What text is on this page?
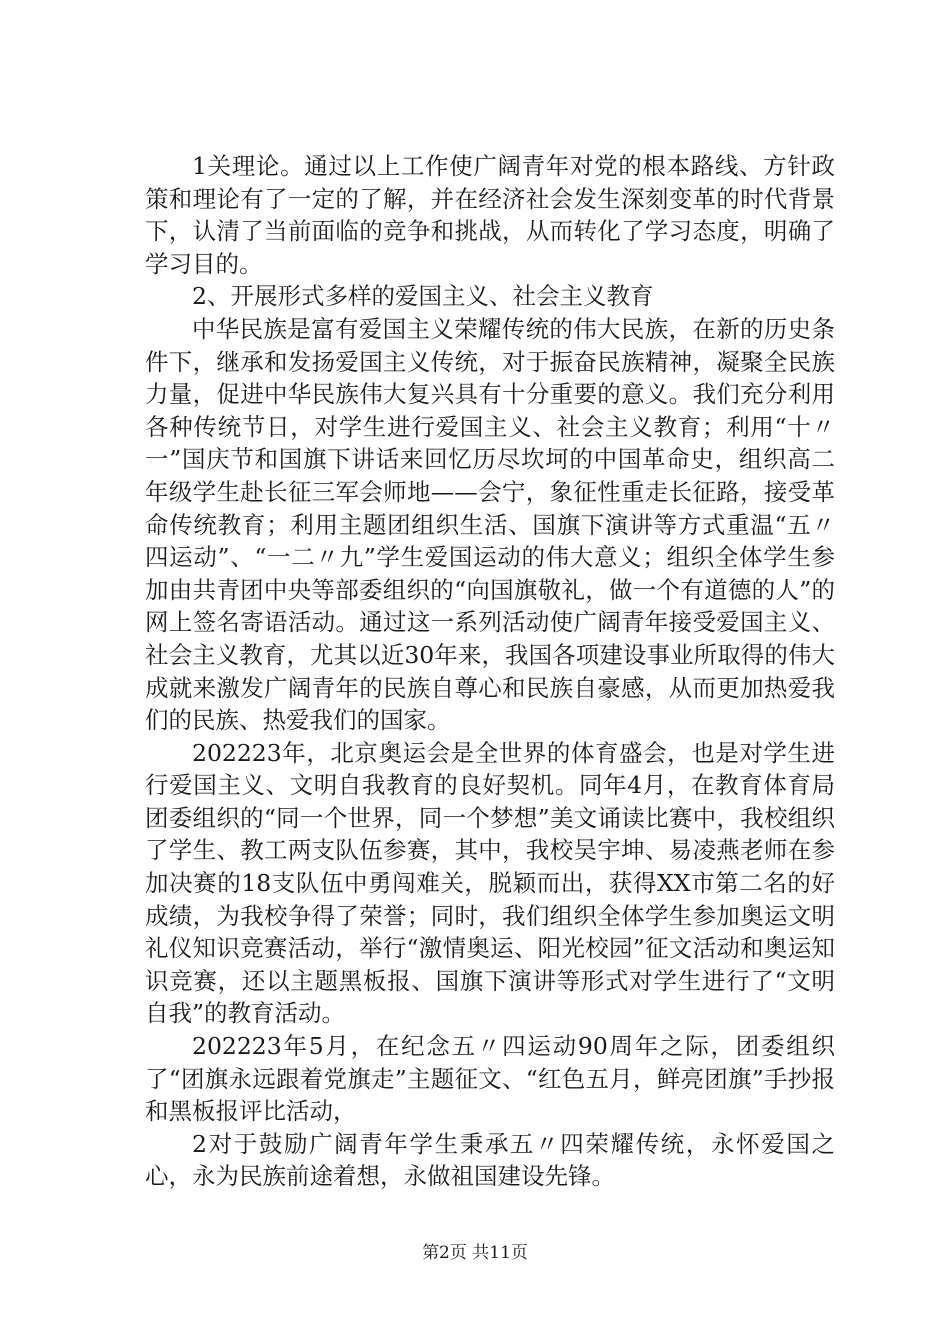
1关理论。通过以上工作使广阔青年对党的根本路线、方针政策和理论有了一定的了解，并在经济社会发生深刻变革的时代背景下，认清了当前面临的竞争和挑战，从而转化了学习态度，明确了学习目的。

2、开展形式多样的爱国主义、社会主义教育

中华民族是富有爱国主义荣耀传统的伟大民族，在新的历史条件下，继承和发扬爱国主义传统，对于振奋民族精神，凝聚全民族力量，促进中华民族伟大复兴具有十分重要的意义。我们充分利用各种传统节日，对学生进行爱国主义、社会主义教育；利用“十〃一”国庆节和国旗下讲话来回忆历尽坎坷的中国革命史，组织高二年级学生赴长征三军会师地——会宁，象征性重走长征路，接受革命传统教育；利用主题团组织生活、国旗下演讲等方式重温“五〃四运动”、“一二〃九”学生爱国运动的伟大意义；组织全体学生参加由共青团中央等部委组织的“向国旗敬礼，做一个有道德的人”的网上签名寄语活动。通过这一系列活动使广阔青年接受爱国主义、社会主义教育，尤其以近30年来，我国各项建设事业所取得的伟大成就来激发广阔青年的民族自尊心和民族自豪感，从而更加热爱我们的民族、热爱我们的国家。

202223年，北京奥运会是全世界的体育盛会，也是对学生进行爱国主义、文明自我教育的良好契机。同年4月，在教育体育局团委组织的“同一个世界，同一个梦想”美文诵读比赛中，我校组织了学生、教工两支队伍参赛，其中，我校吴宇坤、易凌燕老师在参加决赛的18支队伍中勇闯难关，脱颖而出，获得XX市第二名的好成绩，为我校争得了荣誉；同时，我们组织全体学生参加奥运文明礼仪知识竞赛活动，举行“激情奥运、阳光校园”征文活动和奥运知识竞赛，还以主题黑板报、国旗下演讲等形式对学生进行了“文明自我”的教育活动。

202223年5月，在纪念五〃四运动90周年之际，团委组织了“团旗永远跟着党旗走”主题征文、“红色五月，鲜亮团旗”手抄报和黑板报评比活动，

2对于鼓励广阔青年学生秉承五〃四荣耀传统，永怀爱国之心，永为民族前途着想，永做祖国建设先锋。

第2页 共11页
